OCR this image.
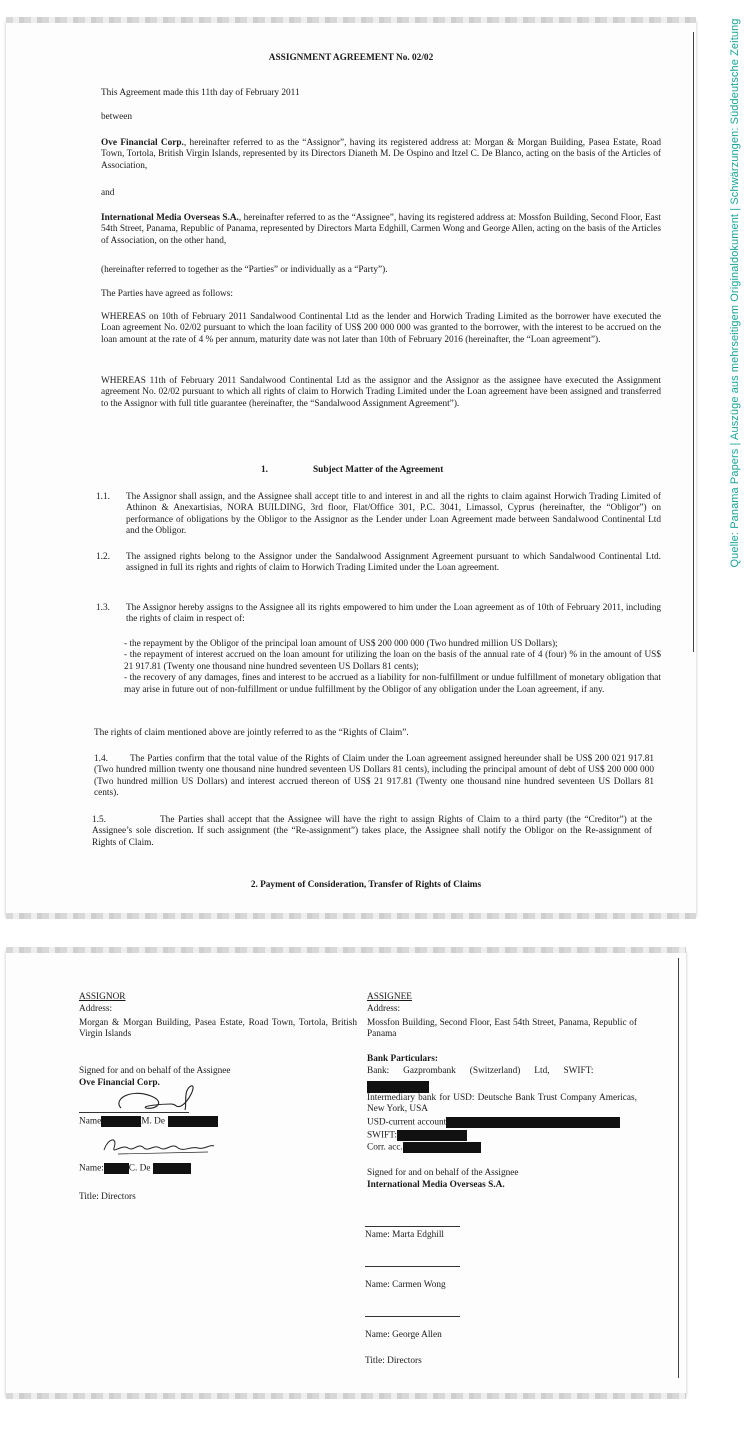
Quelle: Panama Papers | Auszüge aus mehrseitigem Originaldokument | Schwärzungen: Süddeutsche Zeitung
ASSIGNMENT AGREEMENT No. 02/02
This Agreement made this 11th day of February 2011
between
Ove Financial Corp., hereinafter referred to as the “Assignor”, having its registered address at: Morgan & Morgan Building, Pasea Estate, Road Town, Tortola, British Virgin Islands, represented by its Directors Dianeth M. De Ospino and Itzel C. De Blanco, acting on the basis of the Articles of Association,
and
International Media Overseas S.A., hereinafter referred to as the “Assignee”, having its registered address at: Mossfon Building, Second Floor, East 54th Street, Panama, Republic of Panama, represented by Directors Marta Edghill, Carmen Wong and George Allen, acting on the basis of the Articles of Association, on the other hand,
(hereinafter referred to together as the “Parties” or individually as a “Party”).
The Parties have agreed as follows:
WHEREAS on 10th of February 2011 Sandalwood Continental Ltd as the lender and Horwich Trading Limited as the borrower have executed the Loan agreement No. 02/02 pursuant to which the loan facility of US$ 200 000 000 was granted to the borrower, with the interest to be accrued on the loan amount at the rate of 4 % per annum, maturity date was not later than 10th of February 2016 (hereinafter, the “Loan agreement”).
WHEREAS 11th of February 2011 Sandalwood Continental Ltd as the assignor and the Assignor as the assignee have executed the Assignment agreement No. 02/02 pursuant to which all rights of claim to Horwich Trading Limited under the Loan agreement have been assigned and transferred to the Assignor with full title guarantee (hereinafter, the “Sandalwood Assignment Agreement”).
1.	Subject Matter of the Agreement
1.1. The Assignor shall assign, and the Assignee shall accept title to and interest in and all the rights to claim against Horwich Trading Limited of Athinon & Anexartisias, NORA BUILDING, 3rd floor, Flat/Office 301, P.C. 3041, Limassol, Cyprus (hereinafter, the “Obligor”) on performance of obligations by the Obligor to the Assignor as the Lender under Loan Agreement made between Sandalwood Continental Ltd and the Obligor.
1.2. The assigned rights belong to the Assignor under the Sandalwood Assignment Agreement pursuant to which Sandalwood Continental Ltd. assigned in full its rights and rights of claim to Horwich Trading Limited under the Loan agreement.
1.3. The Assignor hereby assigns to the Assignee all its rights empowered to him under the Loan agreement as of 10th of February 2011, including the rights of claim in respect of:
- the repayment by the Obligor of the principal loan amount of US$ 200 000 000 (Two hundred million US Dollars);
- the repayment of interest accrued on the loan amount for utilizing the loan on the basis of the annual rate of 4 (four) % in the amount of US$ 21 917.81 (Twenty one thousand nine hundred seventeen US Dollars 81 cents);
- the recovery of any damages, fines and interest to be accrued as a liability for non-fulfillment or undue fulfillment of monetary obligation that may arise in future out of non-fulfillment or undue fulfillment by the Obligor of any obligation under the Loan agreement, if any.
The rights of claim mentioned above are jointly referred to as the “Rights of Claim”.
1.4.	The Parties confirm that the total value of the Rights of Claim under the Loan agreement assigned hereunder shall be US$ 200 021 917.81 (Two hundred million twenty one thousand nine hundred seventeen US Dollars 81 cents), including the principal amount of debt of US$ 200 000 000 (Two hundred million US Dollars) and interest accrued thereon of US$ 21 917.81 (Twenty one thousand nine hundred seventeen US Dollars 81 cents).
1.5.	The Parties shall accept that the Assignee will have the right to assign Rights of Claim to a third party (the “Creditor”) at the Assignee’s sole discretion. If such assignment (the “Re-assignment”) takes place, the Assignee shall notify the Obligor on the Re-assignment of Rights of Claim.
2. Payment of Consideration, Transfer of Rights of Claims
ASSIGNOR
Address:
Morgan & Morgan Building, Pasea Estate, Road Town, Tortola, British Virgin Islands
Signed for and on behalf of the Assignee
Ove Financial Corp.
Name	M. De
Name:	C. De
Title: Directors
ASSIGNEE
Address:
Mossfon Building, Second Floor, East 54th Street, Panama, Republic of Panama
Bank Particulars:
Bank:      Gazprombank      (Switzerland)      Ltd,      SWIFT:
Intermediary bank for USD: Deutsche Bank Trust Company Americas, New York, USA
USD-current account
SWIFT:
Corr. acc.
Signed for and on behalf of the Assignee
International Media Overseas S.A.
Name: Marta Edghill
Name: Carmen Wong
Name: George Allen
Title: Directors
